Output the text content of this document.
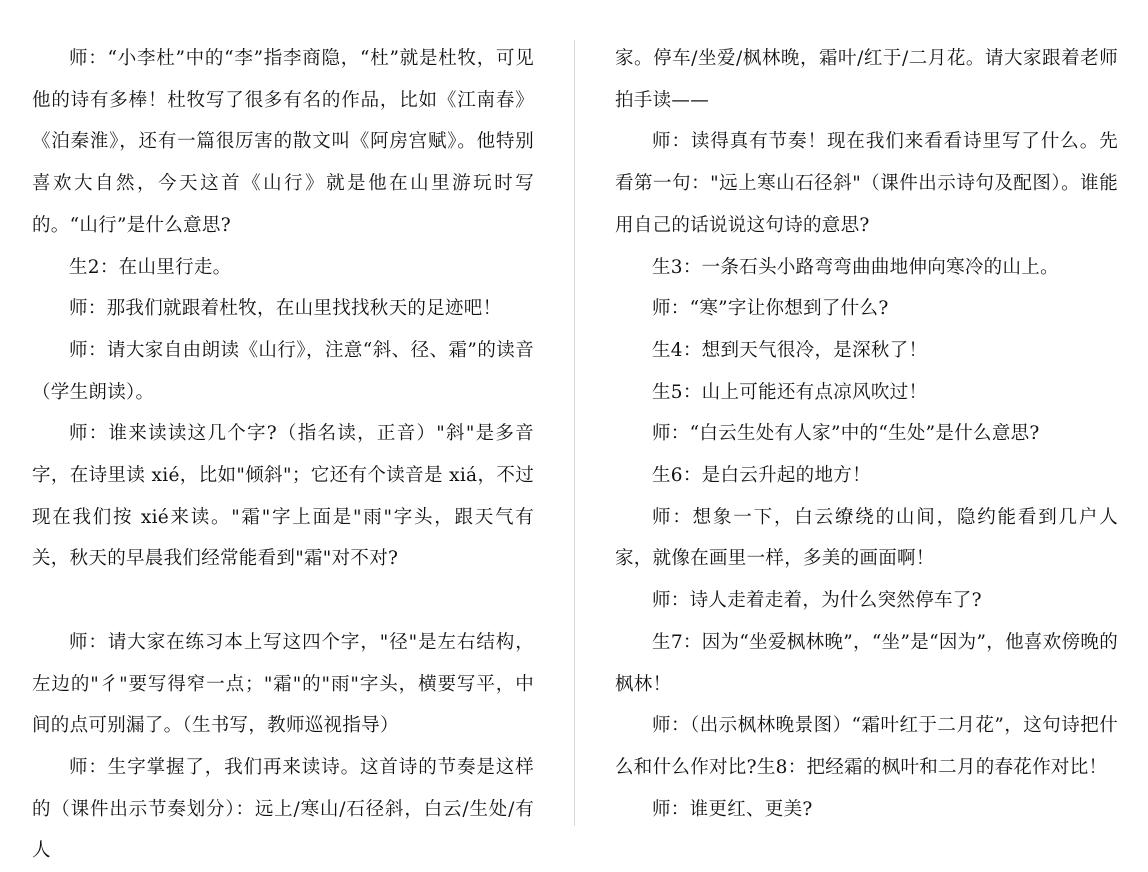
师：“小李杜”中的“李”指李商隐，“杜”就是杜牧，可见他的诗有多棒！杜牧写了很多有名的作品，比如《江南春》《泊秦淮》，还有一篇很厉害的散文叫《阿房宫赋》。他特别喜欢大自然，今天这首《山行》就是他在山里游玩时写的。“山行”是什么意思?

生2：在山里行走。

师：那我们就跟着杜牧，在山里找找秋天的足迹吧！

师：请大家自由朗读《山行》，注意“斜、径、霜”的读音（学生朗读）。

师：谁来读读这几个字?（指名读，正音）"斜"是多音字，在诗里读 xié，比如"倾斜"；它还有个读音是 xiá，不过现在我们按 xié来读。"霜"字上面是"雨"字头，跟天气有关，秋天的早晨我们经常能看到"霜"对不对?

师：请大家在练习本上写这四个字，"径"是左右结构，左边的"彳"要写得窄一点；"霜"的"雨"字头，横要写平，中间的点可别漏了。（生书写，教师巡视指导）

师：生字掌握了，我们再来读诗。这首诗的节奏是这样的（课件出示节奏划分）：远上/寒山/石径斜，白云/生处/有人

家。停车/坐爱/枫林晚，霜叶/红于/二月花。请大家跟着老师拍手读——

师：读得真有节奏！现在我们来看看诗里写了什么。先看第一句："远上寒山石径斜"（课件出示诗句及配图）。谁能用自己的话说说这句诗的意思?

生3：一条石头小路弯弯曲曲地伸向寒冷的山上。

师：“寒”字让你想到了什么?

生4：想到天气很冷，是深秋了！

生5：山上可能还有点凉风吹过！

师：“白云生处有人家”中的“生处”是什么意思?

生6：是白云升起的地方！

师：想象一下，白云缭绕的山间，隐约能看到几户人家，就像在画里一样，多美的画面啊！

师：诗人走着走着，为什么突然停车了?

生7：因为“坐爱枫林晚”，“坐”是“因为”，他喜欢傍晚的枫林！

师：（出示枫林晚景图）“霜叶红于二月花”，这句诗把什么和什么作对比?生8：把经霜的枫叶和二月的春花作对比！

师：谁更红、更美?
